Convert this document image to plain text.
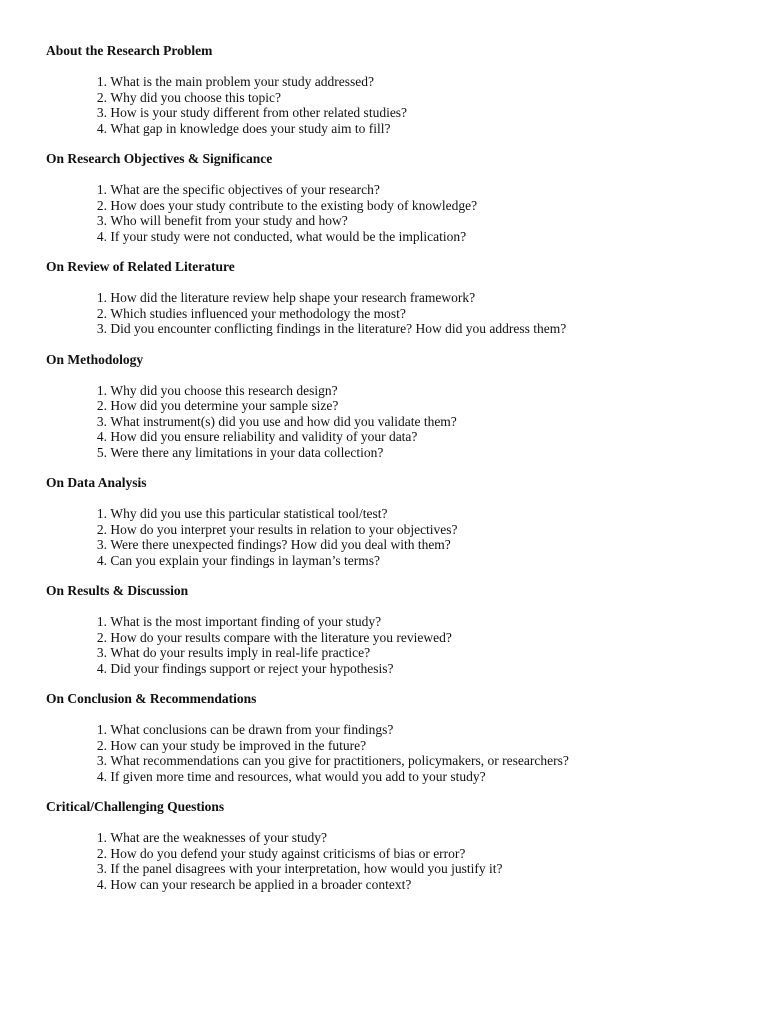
About the Research Problem
1.
What is the main problem your study addressed?
2.
Why did you choose this topic?
3.
How is your study different from other related studies?
4.
What gap in knowledge does your study aim to fill?
On Research Objectives & Significance
1.
What are the specific objectives of your research?
2.
How does your study contribute to the existing body of knowledge?
3.
Who will benefit from your study and how?
4.
If your study were not conducted, what would be the implication?
On Review of Related Literature
1.
How did the literature review help shape your research framework?
2.
Which studies influenced your methodology the most?
3.
Did you encounter conflicting findings in the literature? How did you address them?
On Methodology
1.
Why did you choose this research design?
2.
How did you determine your sample size?
3.
What instrument(s) did you use and how did you validate them?
4.
How did you ensure reliability and validity of your data?
5.
Were there any limitations in your data collection?
On Data Analysis
1.
Why did you use this particular statistical tool/test?
2.
How do you interpret your results in relation to your objectives?
3.
Were there unexpected findings? How did you deal with them?
4.
Can you explain your findings in layman’s terms?
On Results & Discussion
1.
What is the most important finding of your study?
2.
How do your results compare with the literature you reviewed?
3.
What do your results imply in real-life practice?
4.
Did your findings support or reject your hypothesis?
On Conclusion & Recommendations
1.
What conclusions can be drawn from your findings?
2.
How can your study be improved in the future?
3.
What recommendations can you give for practitioners, policymakers, or researchers?
4.
If given more time and resources, what would you add to your study?
Critical/Challenging Questions
1.
What are the weaknesses of your study?
2.
How do you defend your study against criticisms of bias or error?
3.
If the panel disagrees with your interpretation, how would you justify it?
4.
How can your research be applied in a broader context?
